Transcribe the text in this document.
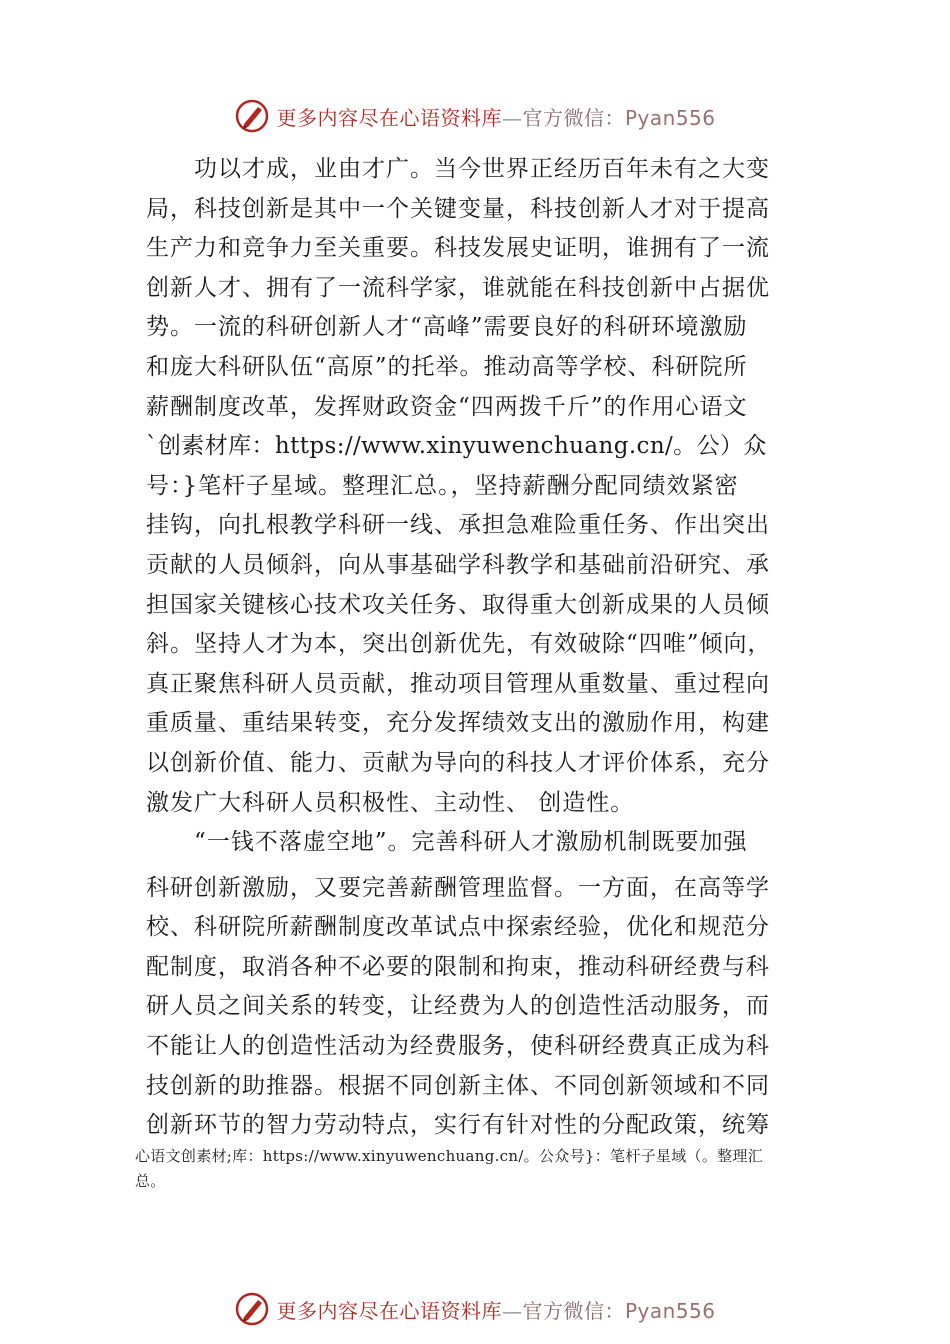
更多内容尽在心语资料库—官方微信：Pyan556
　　功以才成，业由才广。当今世界正经历百年未有之大变
局，科技创新是其中一个关键变量，科技创新人才对于提高
生产力和竞争力至关重要。科技发展史证明，谁拥有了一流
创新人才、拥有了一流科学家，谁就能在科技创新中占据优
势。一流的科研创新人才“高峰”需要良好的科研环境激励
和庞大科研队伍“高原”的托举。推动高等学校、科研院所
薪酬制度改革，发挥财政资金“四两拨千斤”的作用心语文
`创素材库：https://www.xinyuwenchuang.cn/。公）众
号：}笔杆子星域。整理汇总。，坚持薪酬分配同绩效紧密
挂钩，向扎根教学科研一线、承担急难险重任务、作出突出
贡献的人员倾斜，向从事基础学科教学和基础前沿研究、承
担国家关键核心技术攻关任务、取得重大创新成果的人员倾
斜。坚持人才为本，突出创新优先，有效破除“四唯”倾向，
真正聚焦科研人员贡献，推动项目管理从重数量、重过程向
重质量、重结果转变，充分发挥绩效支出的激励作用，构建
以创新价值、能力、贡献为导向的科技人才评价体系，充分
激发广大科研人员积极性、主动性、 创造性。
　　“一钱不落虚空地”。完善科研人才激励机制既要加强
科研创新激励，又要完善薪酬管理监督。一方面，在高等学
校、科研院所薪酬制度改革试点中探索经验，优化和规范分
配制度，取消各种不必要的限制和拘束，推动科研经费与科
研人员之间关系的转变，让经费为人的创造性活动服务，而
不能让人的创造性活动为经费服务，使科研经费真正成为科
技创新的助推器。根据不同创新主体、不同创新领域和不同
创新环节的智力劳动特点，实行有针对性的分配政策，统筹
心语文创素材;库：https://www.xinyuwenchuang.cn/。公众号}：笔杆子星域（。整理汇
总。
更多内容尽在心语资料库—官方微信：Pyan556
